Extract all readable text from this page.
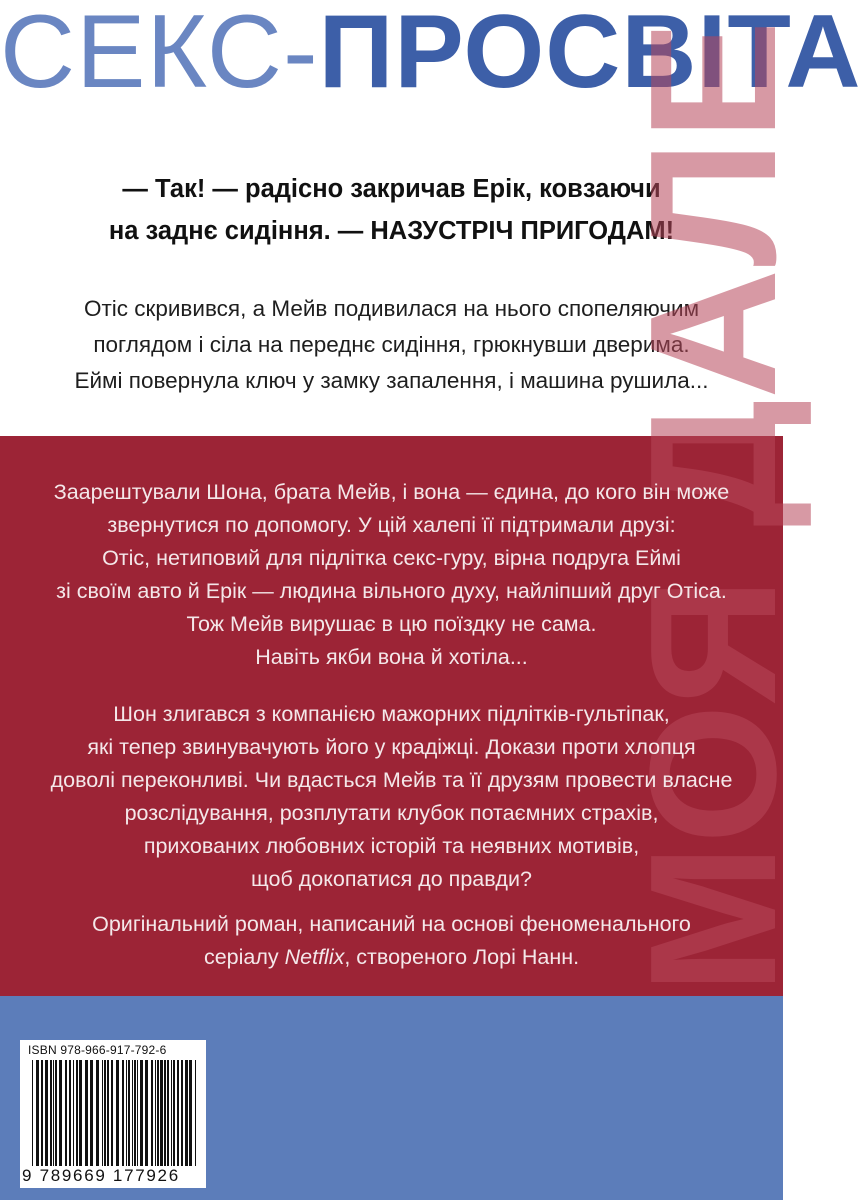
СЕКС-ПРОСВІТА
— Так! — радісно закричав Ерік, ковзаючи
на заднє сидіння. — НАЗУСТРІЧ ПРИГОДАМ!
Отіс скривився, а Мейв подивилася на нього спопеляючим
поглядом і сіла на переднє сидіння, грюкнувши дверима.
Еймі повернула ключ у замку запалення, і машина рушила...
МОЯ ДАЛЕ
Заарештували Шона, брата Мейв, і вона — єдина, до кого він може
звернутися по допомогу. У цій халепі її підтримали друзі:
Отіс, нетиповий для підлітка секс-гуру, вірна подруга Еймі
зі своїм авто й Ерік — людина вільного духу, найліпший друг Отіса.
Тож Мейв вирушає в цю поїздку не сама.
Навіть якби вона й хотіла...
Шон злигався з компанією мажорних підлітків-гультіпак,
які тепер звинувачують його у крадіжці. Докази проти хлопця
доволі переконливі. Чи вдасться Мейв та її друзям провести власне
розслідування, розплутати клубок потаємних страхів,
прихованих любовних історій та неявних мотивів,
щоб докопатися до правди?
Оригінальний роман, написаний на основі феноменального
серіалу Netflix, створеного Лорі Нанн.
ISBN 978-966-917-792-6
9 789669 177926
